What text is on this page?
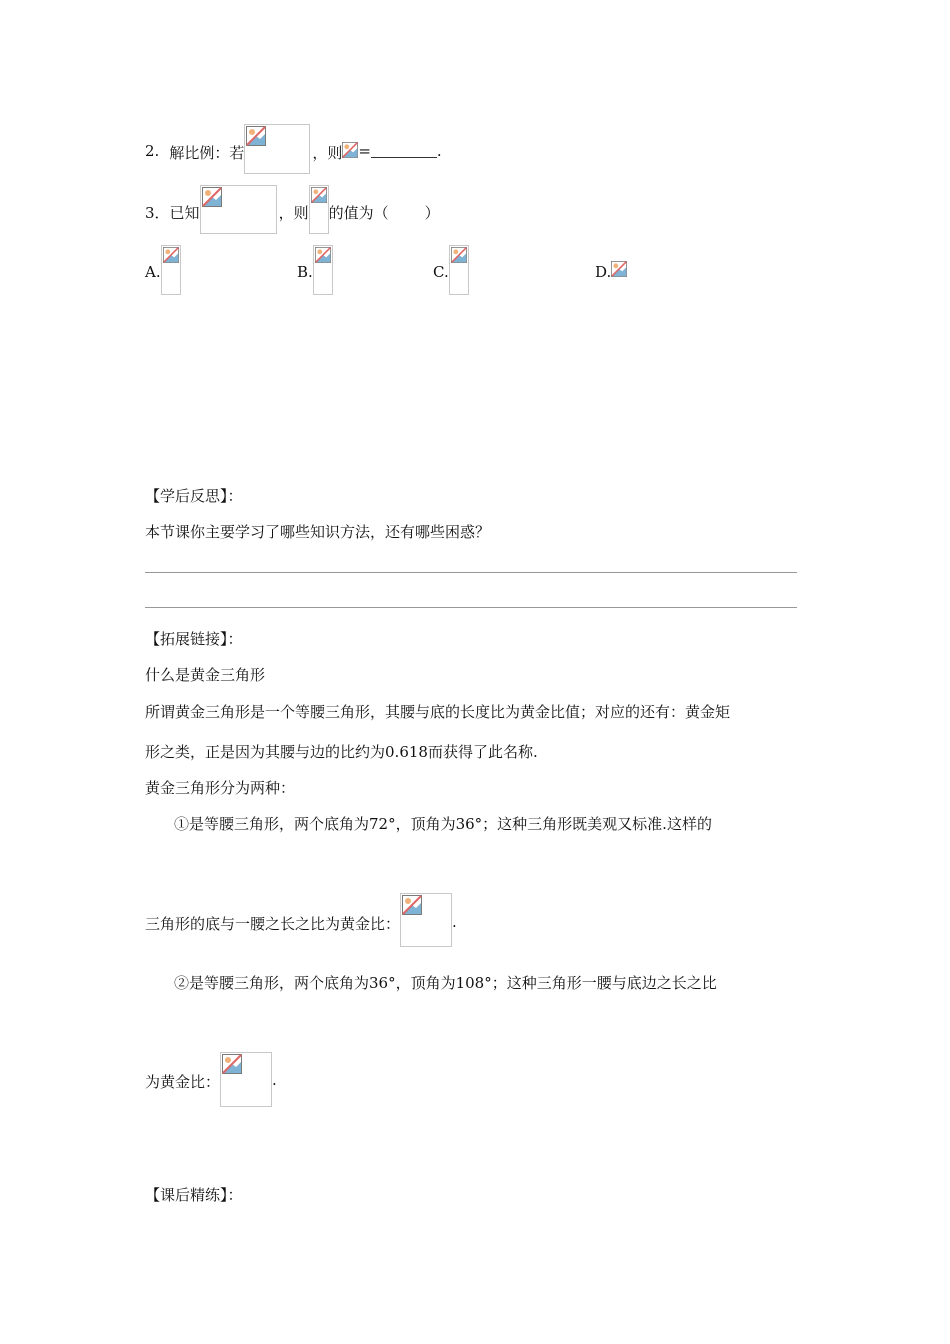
2. 解比例：若	，则 =	.
3． 已知	，则 的值为（ ）
A.	B.	C.	D.
【学后反思】：
本节课你主要学习了哪些知识方法，还有哪些困惑？
【拓展链接】：
什么是黄金三角形
所谓黄金三角形是一个等腰三角形，其腰与底的长度比为黄金比值；对应的还有：黄金矩
形之类，正是因为其腰与边的比约为0.618而获得了此名称.
黄金三角形分为两种：
①是等腰三角形，两个底角为72°，顶角为36°；这种三角形既美观又标准.这样的
三角形的底与一腰之长之比为黄金比：	.
②是等腰三角形，两个底角为36°，顶角为108°；这种三角形一腰与底边之长之比
为黄金比：	.
【课后精练】：
